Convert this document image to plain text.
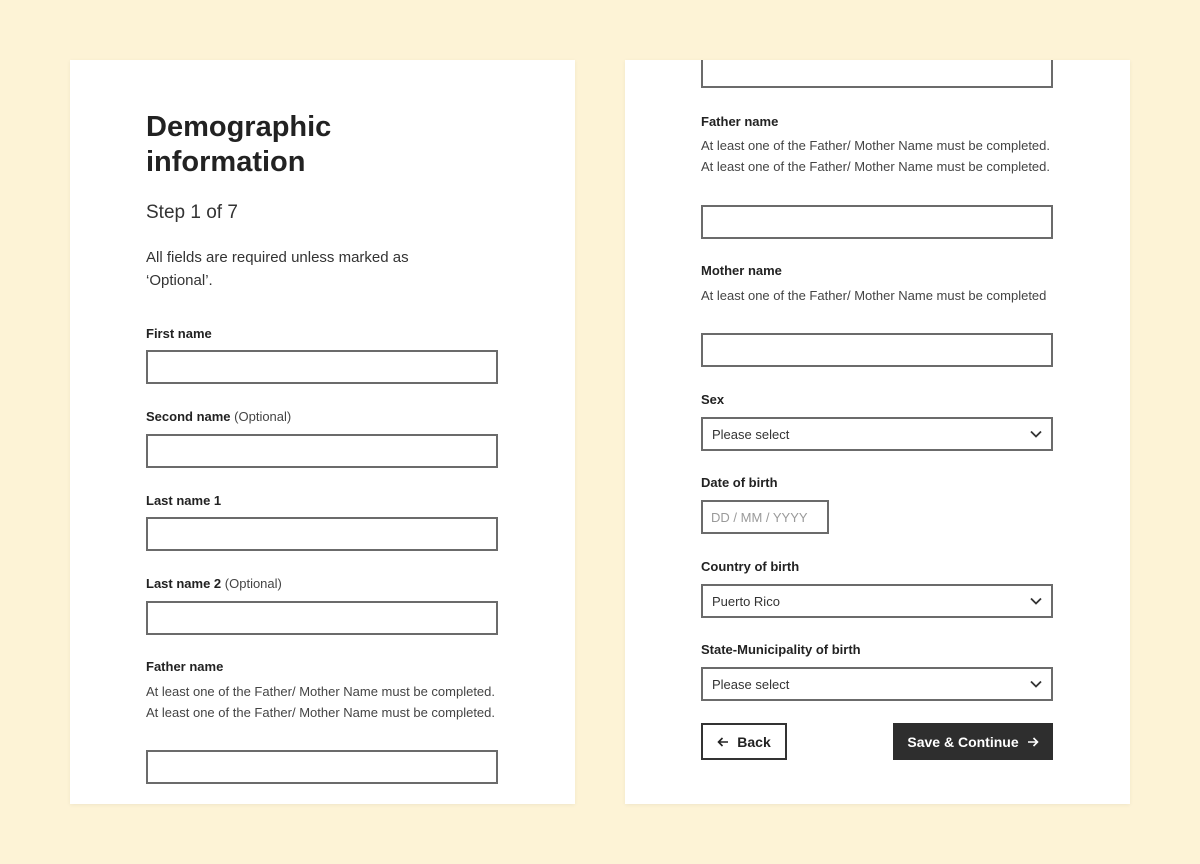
Demographic information
Step 1 of 7
All fields are required unless marked as ‘Optional’.
First name
Second name (Optional)
Last name 1
Last name 2 (Optional)
Father name
At least one of the Father/ Mother Name must be completed. At least one of the Father/ Mother Name must be completed.
Father name
At least one of the Father/ Mother Name must be completed. At least one of the Father/ Mother Name must be completed.
Mother name
At least one of the Father/ Mother Name must be completed
Sex
Please select
Date of birth
DD / MM / YYYY
Country of birth
Puerto Rico
State-Municipality of birth
Please select
Back	Save & Continue
